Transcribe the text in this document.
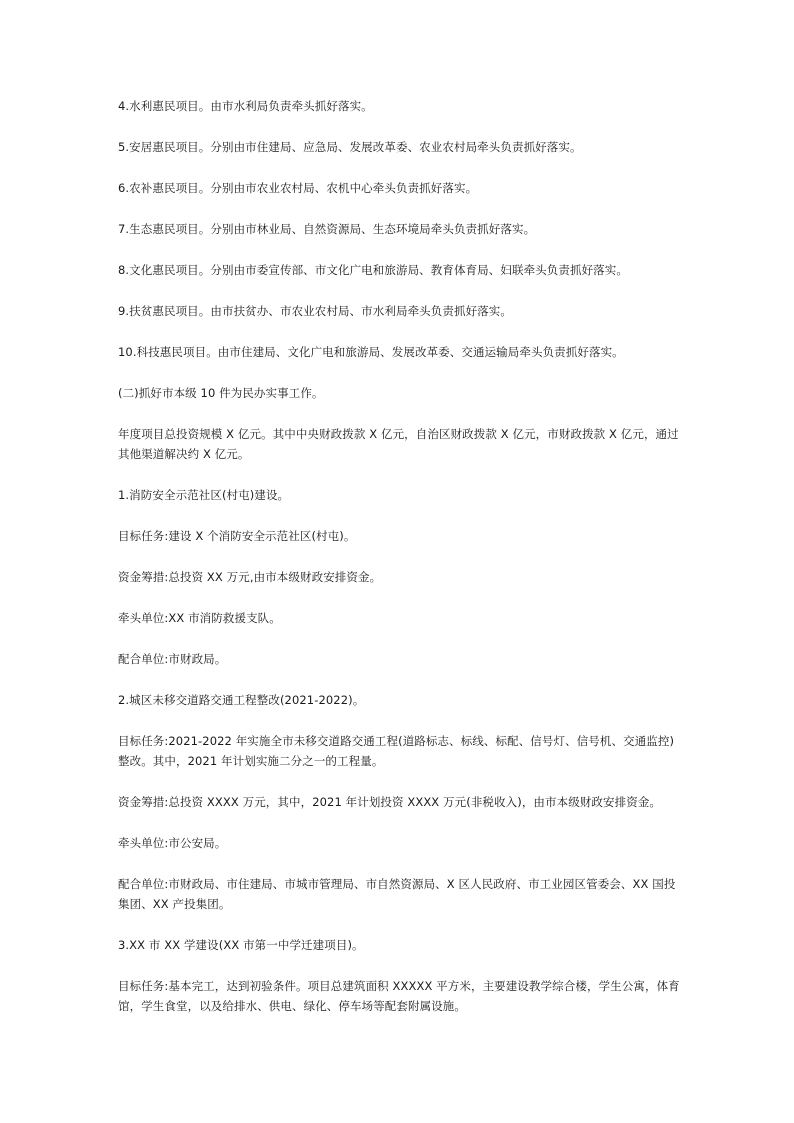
4.水利惠民项目。由市水利局负责牵头抓好落实。

5.安居惠民项目。分别由市住建局、应急局、发展改革委、农业农村局牵头负责抓好落实。

6.农补惠民项目。分别由市农业农村局、农机中心牵头负责抓好落实。

7.生态惠民项目。分别由市林业局、自然资源局、生态环境局牵头负责抓好落实。

8.文化惠民项目。分别由市委宣传部、市文化广电和旅游局、教育体育局、妇联牵头负责抓好落实。

9.扶贫惠民项目。由市扶贫办、市农业农村局、市水利局牵头负责抓好落实。

10.科技惠民项目。由市住建局、文化广电和旅游局、发展改革委、交通运输局牵头负责抓好落实。

(二)抓好市本级 10 件为民办实事工作。

年度项目总投资规模 X 亿元。其中中央财政拨款 X 亿元，自治区财政拨款 X 亿元，市财政拨款 X 亿元，通过其他渠道解决约 X 亿元。

1.消防安全示范社区(村屯)建设。

目标任务:建设 X 个消防安全示范社区(村屯)。

资金筹措:总投资 XX 万元,由市本级财政安排资金。

牵头单位:XX 市消防救援支队。

配合单位:市财政局。

2.城区未移交道路交通工程整改(2021-2022)。

目标任务:2021-2022 年实施全市未移交道路交通工程(道路标志、标线、标配、信号灯、信号机、交通监控)整改。其中，2021 年计划实施二分之一的工程量。

资金筹措:总投资 XXXX 万元，其中，2021 年计划投资 XXXX 万元(非税收入)，由市本级财政安排资金。

牵头单位:市公安局。

配合单位:市财政局、市住建局、市城市管理局、市自然资源局、X 区人民政府、市工业园区管委会、XX 国投集团、XX 产投集团。

3.XX 市 XX 学建设(XX 市第一中学迁建项目)。

目标任务:基本完工，达到初验条件。项目总建筑面积 XXXXX 平方米，主要建设教学综合楼，学生公寓，体育馆，学生食堂，以及给排水、供电、绿化、停车场等配套附属设施。
